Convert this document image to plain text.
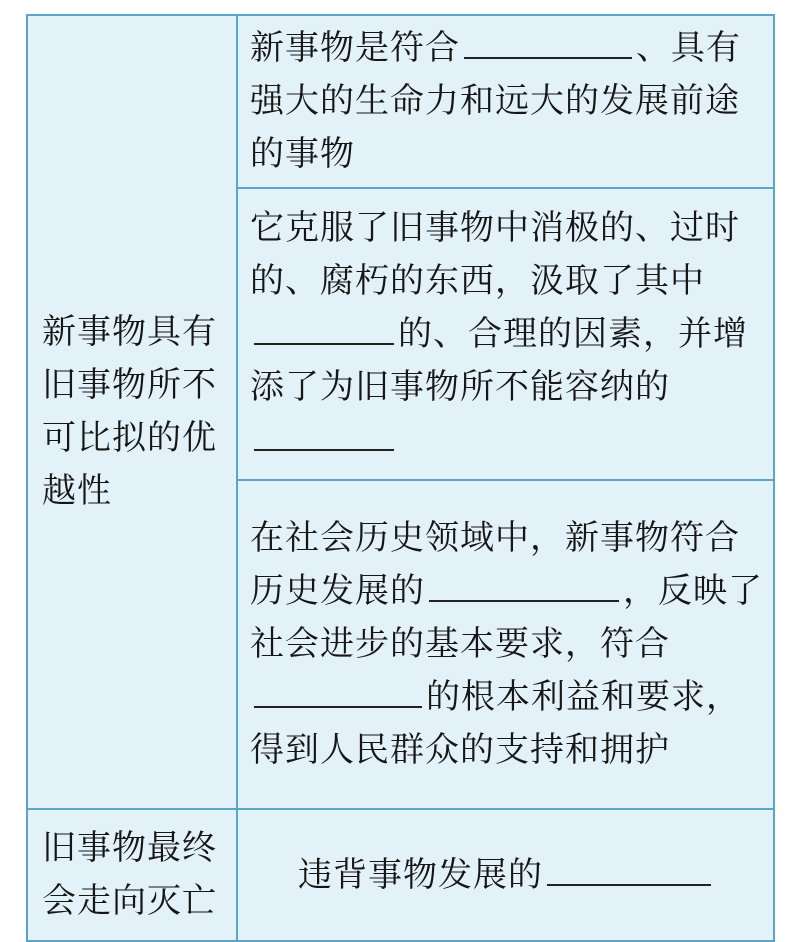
新事物具有旧事物所不可比拟的优越性	新事物是符合 、具有强大的生命力和远大的发展前途的事物
	它克服了旧事物中消极的、过时的、腐朽的东西，汲取了其中的、合理的因素，并增添了为旧事物所不能容纳的
	在社会历史领域中，新事物符合历史发展的 ，反映了社会进步的基本要求，符合的根本利益和要求，得到人民群众的支持和拥护
旧事物最终会走向灭亡	违背事物发展的
